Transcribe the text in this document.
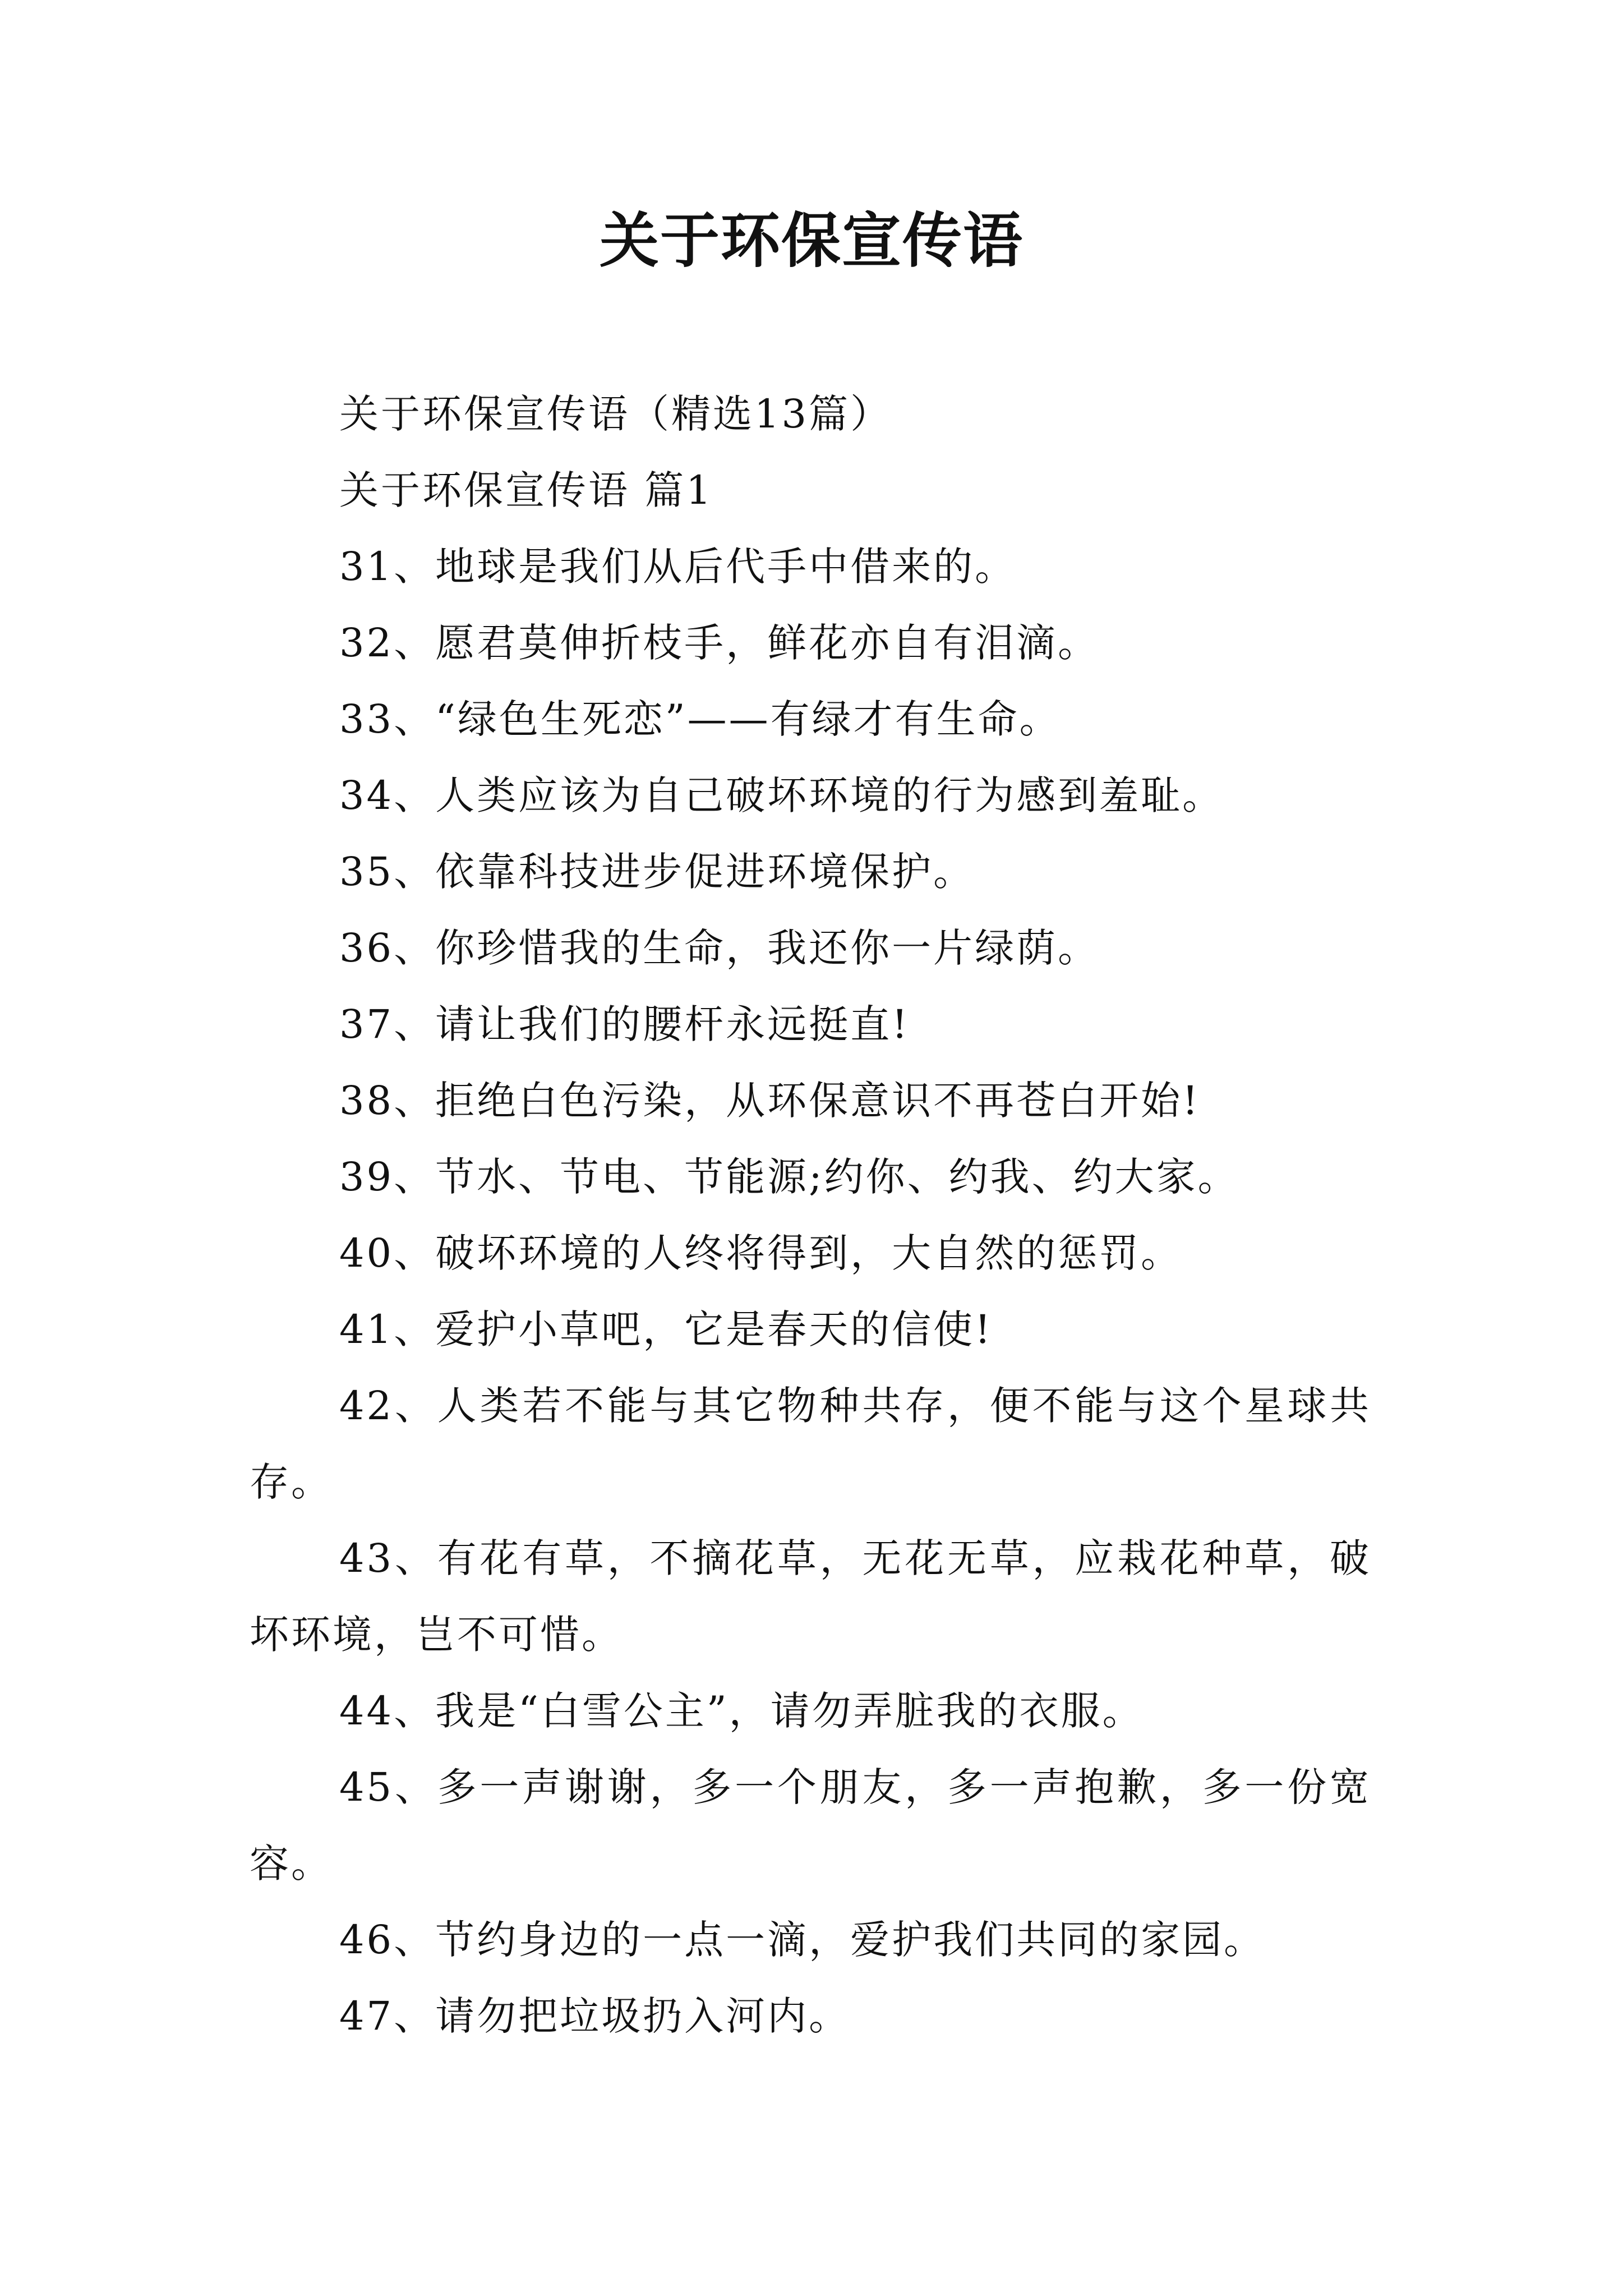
关于环保宣传语

关于环保宣传语（精选13篇）

关于环保宣传语 篇1

31、地球是我们从后代手中借来的。

32、愿君莫伸折枝手，鲜花亦自有泪滴。

33、“绿色生死恋”——有绿才有生命。

34、人类应该为自己破坏环境的行为感到羞耻。

35、依靠科技进步促进环境保护。

36、你珍惜我的生命，我还你一片绿荫。

37、请让我们的腰杆永远挺直!

38、拒绝白色污染，从环保意识不再苍白开始!

39、节水、节电、节能源;约你、约我、约大家。

40、破坏环境的人终将得到，大自然的惩罚。

41、爱护小草吧，它是春天的信使!

42、人类若不能与其它物种共存，便不能与这个星球共存。

43、有花有草，不摘花草，无花无草，应栽花种草，破坏环境，岂不可惜。

44、我是“白雪公主”，请勿弄脏我的衣服。

45、多一声谢谢，多一个朋友，多一声抱歉，多一份宽容。

46、节约身边的一点一滴，爱护我们共同的家园。

47、请勿把垃圾扔入河内。
